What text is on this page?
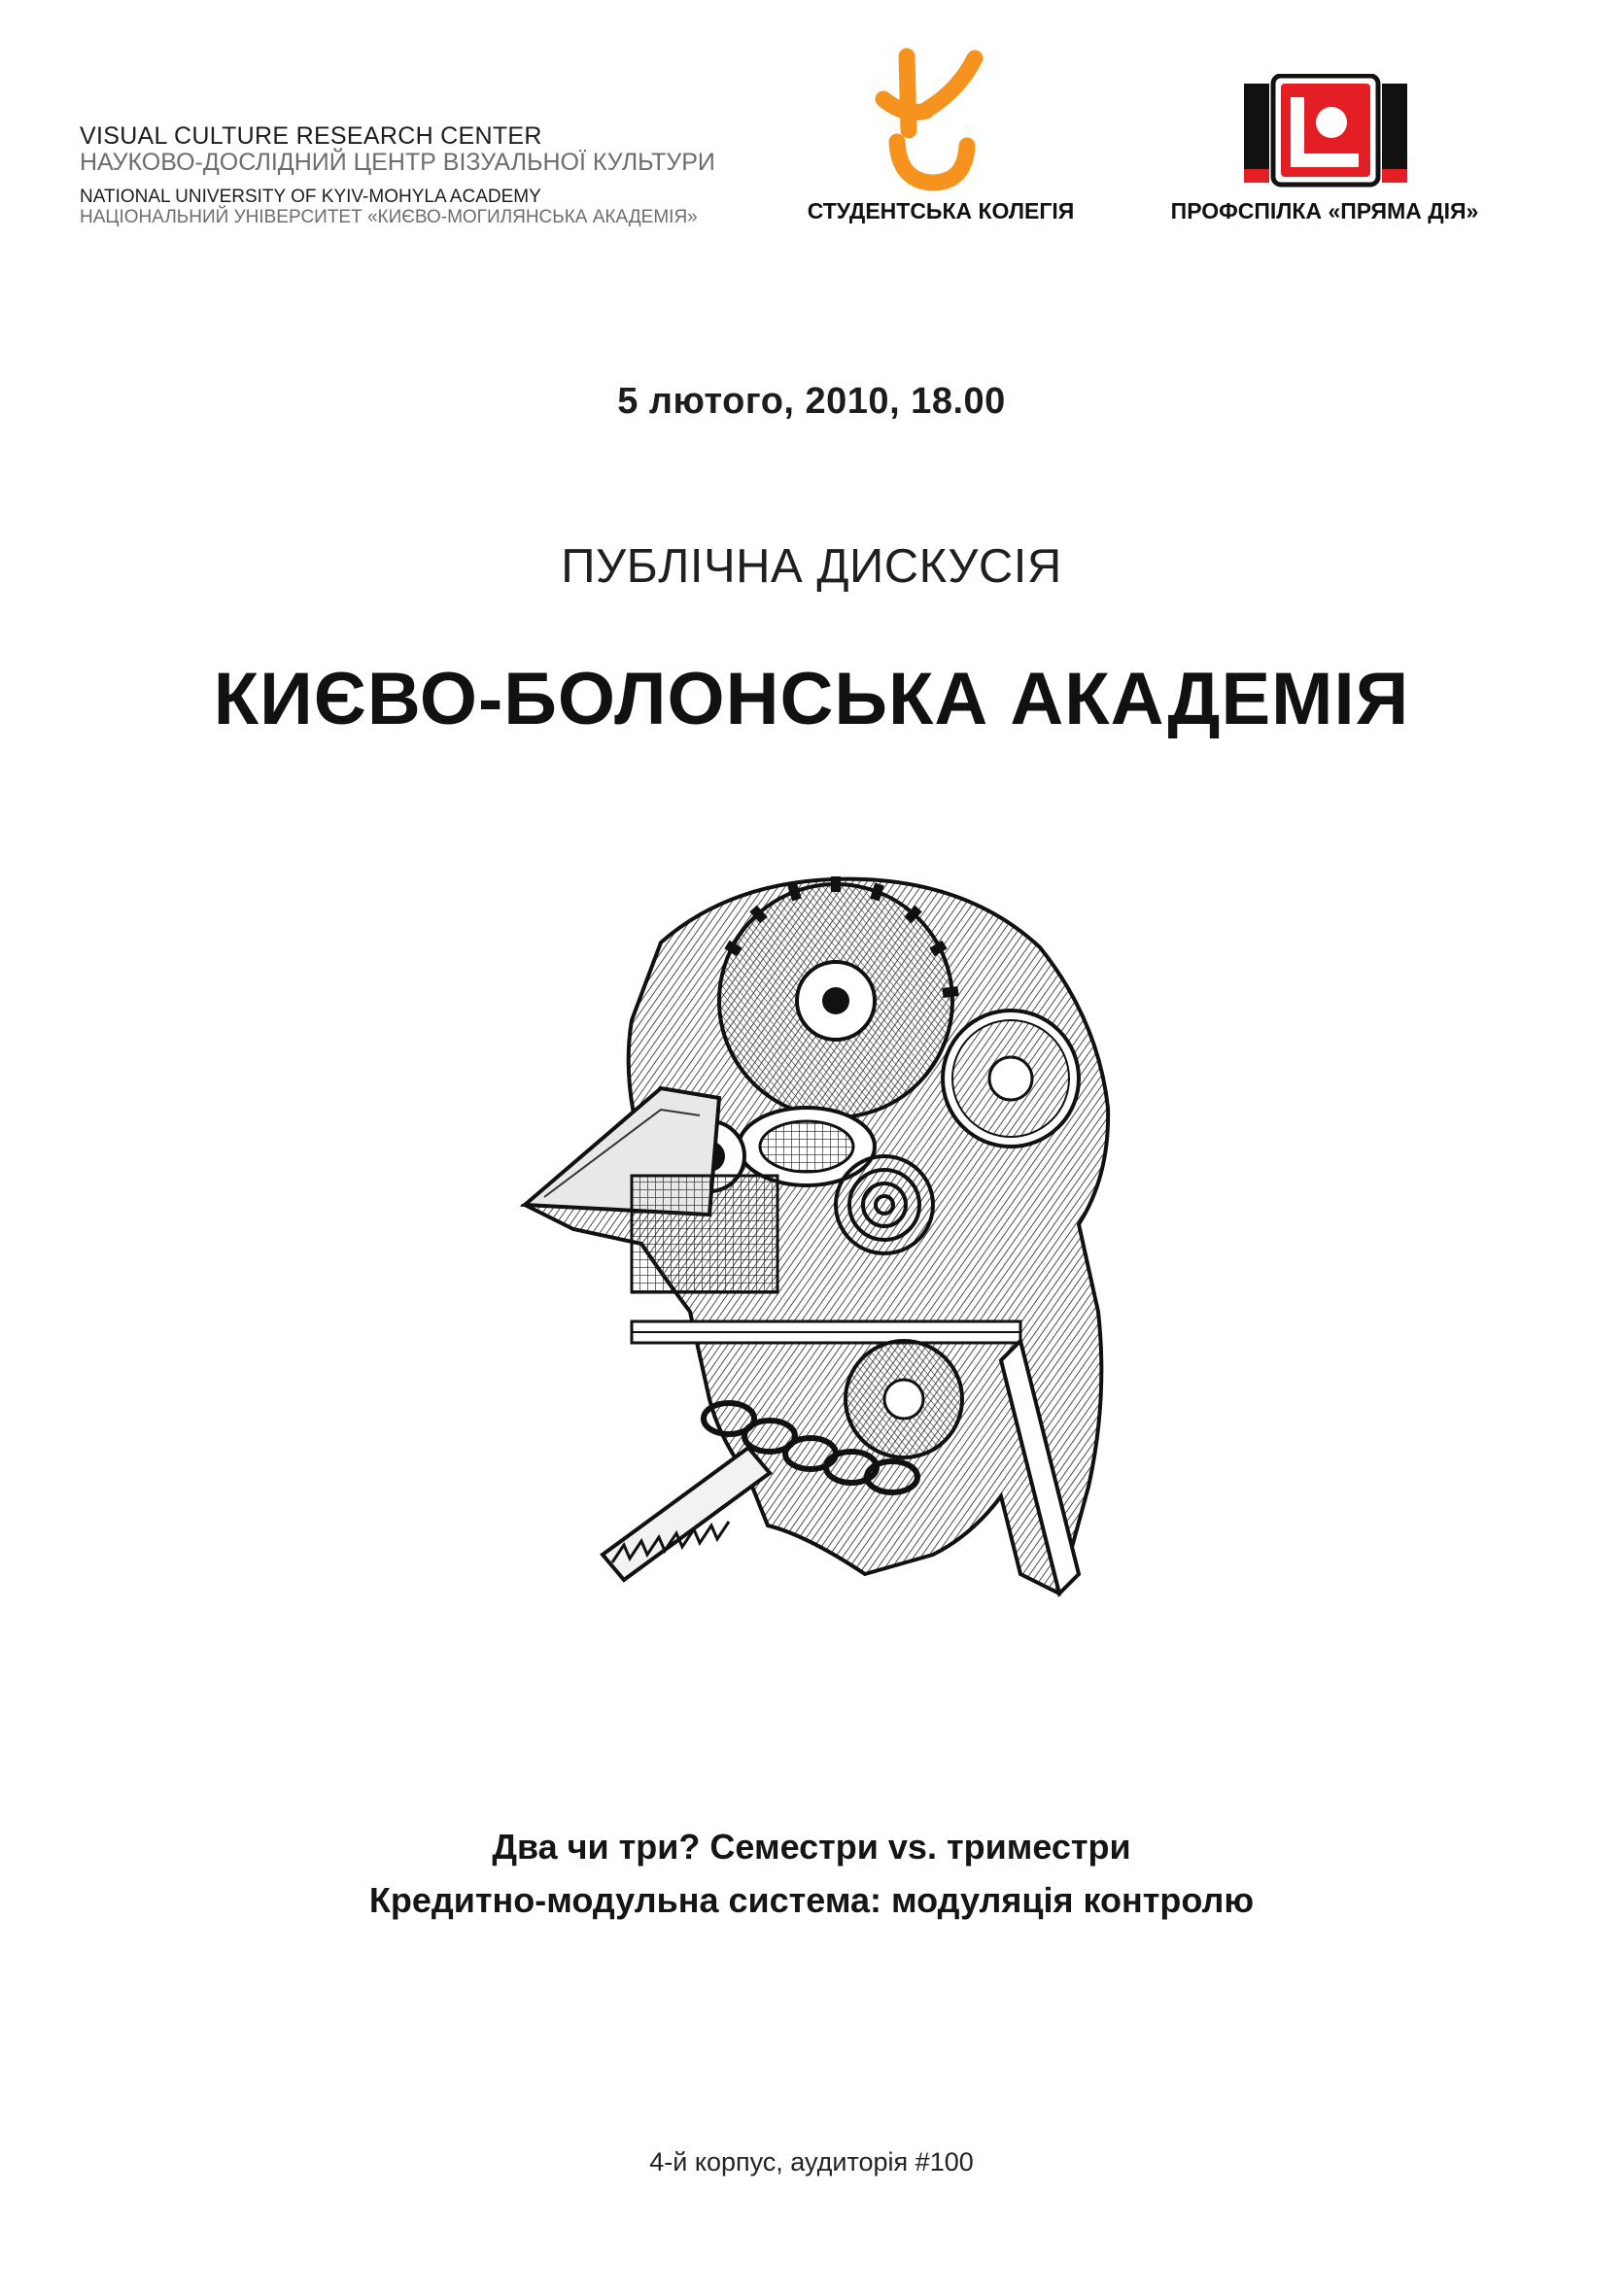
VISUAL CULTURE RESEARCH CENTER
НАУКОВО-ДОСЛІДНИЙ ЦЕНТР ВІЗУАЛЬНОЇ КУЛЬТУРИ
NATIONAL UNIVERSITY OF KYIV-MOHYLA ACADEMY
НАЦІОНАЛЬНИЙ УНІВЕРСИТЕТ «КИЄВО-МОГИЛЯНСЬКА АКАДЕМІЯ»	СТУДЕНТСЬКА КОЛЕГІЯ	ПРОФСПІЛКА «ПРЯМА ДІЯ»
5 лютого, 2010, 18.00
ПУБЛІЧНА ДИСКУСІЯ
КИЄВО-БОЛОНСЬКА АКАДЕМІЯ
Два чи три? Семестри vs. триместри
Кредитно-модульна система: модуляція контролю
4-й корпус, аудиторія #100
